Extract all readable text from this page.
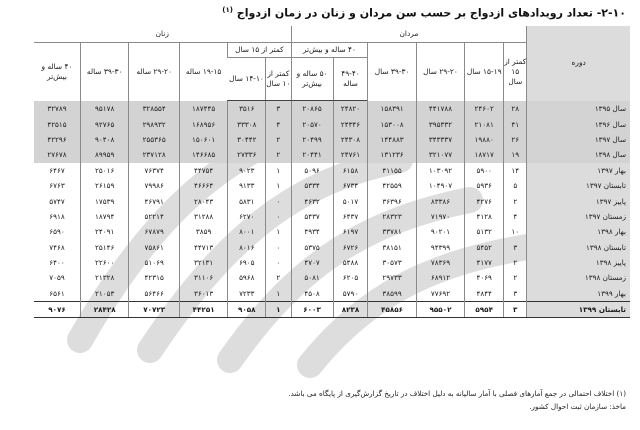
۲-۱۰- تعداد رویدادهای ازدواج بر حسب سن مردان و زنان در زمان ازدواج $^{(۱)}$
دوره	مردان						زنان					
	کمتر از ۱۵ سال	۱۵-۱۹ سال	۲۹-۲۰ سال	۳۹-۳۰ سال	۴۰ ساله و بیش‌تر		کمتر از ۱۵ سال		۱۹-۱۵ ساله	۲۹-۲۰ ساله	۳۹-۳۰ ساله	۴۰ ساله و بیش‌تر
					۴۹-۴۰ ساله	۵۰ ساله و بیش‌تر	کمتر از ۱۰ سال	۱۴-۱۰ سال				
سال ۱۳۹۵	۲۸	۲۴۶۰۲	۴۴۱۷۸۸	۱۵۸۳۹۱	۲۴۸۲۰	۲۰۸۶۵	۳	۳۵۱۶	۱۸۷۴۴۵	۳۲۸۵۵۴	۹۵۱۷۸	۳۲۷۸۹
سال ۱۳۹۶	۴۱	۲۱۰۸۱	۳۹۵۳۳۲	۱۵۳۰۰۸	۲۴۳۴۶	۲۰۵۷۰	۴	۳۳۳۰۸	۱۶۸۹۵۶	۲۹۸۹۳۲	۹۲۷۶۵	۴۲۵۱۵
سال ۱۳۹۷	۲۶	۱۹۸۸۰	۳۴۳۳۳۷	۱۴۴۸۸۳	۲۴۳۰۸	۲۰۴۹۹	۲	۳۰۴۴۲	۱۵۰۶۰۱	۲۵۵۳۶۵	۹۰۴۰۸	۴۲۲۹۶
سال ۱۳۹۸	۱۹	۱۸۷۱۷	۳۲۱۰۷۷	۱۳۱۲۳۶	۲۴۷۶۱	۲۰۴۴۱	۲	۲۷۳۳۶	۱۴۶۶۸۵	۲۳۷۱۲۸	۸۹۹۵۹	۲۷۶۷۸
بهار ۱۳۹۷	۱۴	۵۹۰۰	۱۰۳۰۹۲	۴۱۱۵۵	۶۱۵۸	۵۰۹۶	۱	۹۰۲۳	۴۴۷۵۴	۷۶۳۷۴	۲۵۰۱۶	۶۴۶۷
تابستان ۱۳۹۷	۵	۵۹۳۶	۱۰۴۹۰۷	۴۲۵۵۹	۶۷۳۴	۵۳۳۴	۱	۹۱۳۳	۴۶۶۶۴	۷۹۹۸۶	۲۶۱۵۹	۶۷۶۳
پاییز ۱۳۹۷	۲	۴۲۷۶	۸۳۳۸۶	۳۶۳۹۶	۵۰۱۷	۴۶۳۲	۰	۵۸۳۱	۲۸۰۴۳	۴۶۷۹۱	۱۷۵۳۹	۵۷۴۷
زمستان ۱۳۹۷	۴	۴۱۲۸	۷۱۹۷۰	۲۸۳۲۳	۶۴۳۷	۵۴۳۷	۰	۶۲۷۰	۳۱۲۸۸	۵۲۲۱۴	۱۸۷۹۴	۶۹۱۸
بهار ۱۳۹۸	۱۰	۵۱۳۲	۹۰۲۰۱	۳۳۷۸۱	۶۱۹۷	۴۹۳۴	۱	۸۰۰۱	۳۸۵۹	۶۷۸۷۹	۲۴۰۹۱	۶۵۹۰
تابستان ۱۳۹۸	۳	۵۴۵۲	۹۴۳۹۹	۳۸۱۵۱	۶۷۲۶	۵۳۷۵	۰	۸۰۱۶	۴۴۷۱۳	۷۵۸۶۱	۲۵۱۴۶	۷۴۶۸
پاییز ۱۳۹۸	۲	۴۱۷۷	۷۸۳۶۹	۳۰۵۷۳	۵۴۸۸	۴۷۰۷	۰	۶۹۰۵	۳۲۱۳۱	۵۱۰۶۹	۲۲۶۰۰	۶۴۰۰
زمستان ۱۳۹۸	۲	۴۰۶۹	۶۸۹۱۲	۲۹۷۳۳	۶۲۰۵	۵۰۸۱	۲	۵۹۶۸	۳۱۱۰۶	۴۲۳۱۵	۲۱۳۲۸	۷۰۵۹
بهار ۱۳۹۹	۳	۴۸۴۴	۷۷۶۹۲	۳۸۵۹۹	۵۷۹۰	۴۵۰۸	۱	۷۲۳۳	۳۶۰۱۳	۵۶۴۶۶	۲۱۰۵۳	۶۵۶۱
تابستان ۱۳۹۹	۳	۵۹۵۴	۹۵۵۰۲	۴۵۸۵۶	۸۲۳۸	۶۰۰۳	۱	۹۰۵۸	۴۴۲۵۱	۷۰۷۲۳	۲۸۴۲۸	۹۰۷۶
(۱) اختلاف احتمالی در جمع آمارهای فصلی با آمار ساليانه به دليل اختلاف در تاريخ گزارش‌گيری از پايگاه می باشد.
ماخذ: سازمان ثبت احوال کشور.
